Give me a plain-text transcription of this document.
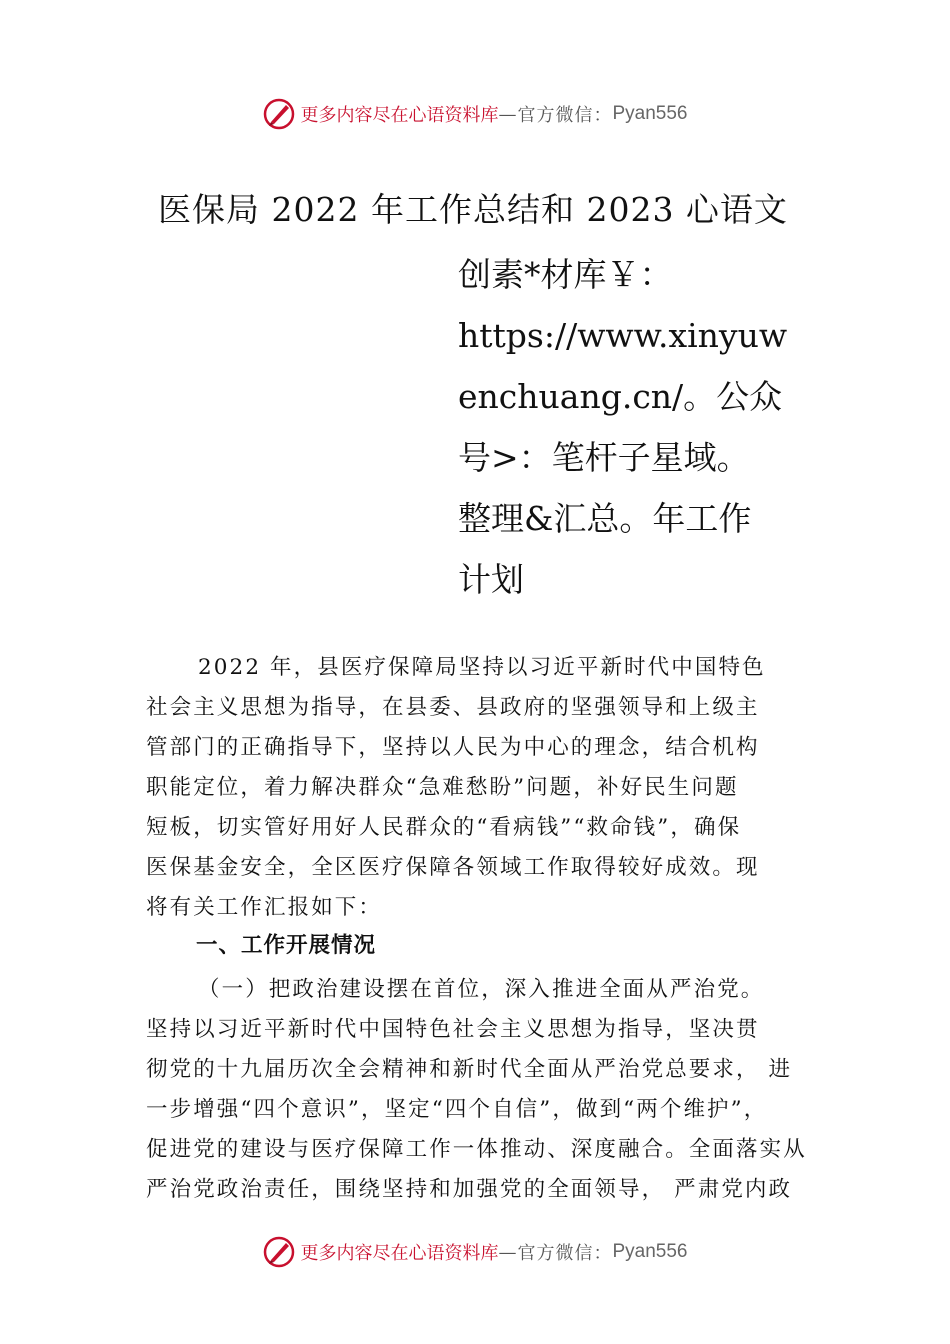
更多内容尽在心语资料库 — 官方微信： Pyan556
医保局 2022 年工作总结和 2023 心语文
创素*材库￥：
https://www.xinyuw
enchuang.cn/。公众
号>：笔杆子星域。
整理&汇总。年工作
计划
2022 年，县医疗保障局坚持以习近平新时代中国特色
社会主义思想为指导，在县委、县政府的坚强领导和上级主
管部门的正确指导下，坚持以人民为中心的理念，结合机构
职能定位，着力解决群众“急难愁盼”问题，补好民生问题
短板，切实管好用好人民群众的“看病钱”“救命钱”，确保
医保基金安全，全区医疗保障各领域工作取得较好成效。现
将有关工作汇报如下：
一、工作开展情况
（一）把政治建设摆在首位，深入推进全面从严治党。
坚持以习近平新时代中国特色社会主义思想为指导，坚决贯
彻党的十九届历次全会精神和新时代全面从严治党总要求， 进
一步增强“四个意识”，坚定“四个自信”，做到“两个维护”，
促进党的建设与医疗保障工作一体推动、深度融合。全面落实从
严治党政治责任，围绕坚持和加强党的全面领导， 严肃党内政
更多内容尽在心语资料库 — 官方微信： Pyan556
